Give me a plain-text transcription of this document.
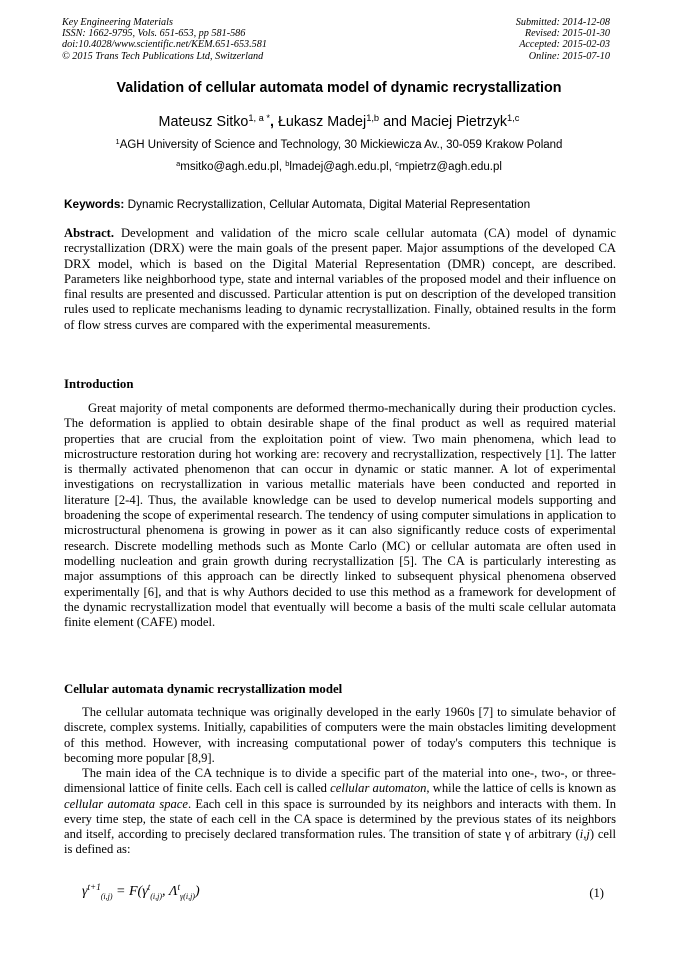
Key Engineering Materials
ISSN: 1662-9795, Vols. 651-653, pp 581-586
doi:10.4028/www.scientific.net/KEM.651-653.581
© 2015 Trans Tech Publications Ltd, Switzerland
Submitted: 2014-12-08
Revised: 2015-01-30
Accepted: 2015-02-03
Online: 2015-07-10
Validation of cellular automata model of dynamic recrystallization
Mateusz Sitko$^{1, a *}$, Łukasz Madej$^{1,b}$ and Maciej Pietrzyk$^{1,c}$
$^1$AGH University of Science and Technology, 30 Mickiewicza Av., 30-059 Krakow Poland
$^a$msitko@agh.edu.pl, $^b$lmadej@agh.edu.pl, $^c$mpietrz@agh.edu.pl
Keywords: Dynamic Recrystallization, Cellular Automata, Digital Material Representation
Abstract. Development and validation of the micro scale cellular automata (CA) model of dynamic recrystallization (DRX) were the main goals of the present paper. Major assumptions of the developed CA DRX model, which is based on the Digital Material Representation (DMR) concept, are described. Parameters like neighborhood type, state and internal variables of the proposed model and their influence on final results are presented and discussed. Particular attention is put on description of the developed transition rules used to replicate mechanisms leading to dynamic recrystallization. Finally, obtained results in the form of flow stress curves are compared with the experimental measurements.
Introduction
Great majority of metal components are deformed thermo-mechanically during their production cycles. The deformation is applied to obtain desirable shape of the final product as well as required material properties that are crucial from the exploitation point of view. Two main phenomena, which lead to microstructure restoration during hot working are: recovery and recrystallization, respectively [1]. The latter is thermally activated phenomenon that can occur in dynamic or static manner. A lot of experimental investigations on recrystallization in various metallic materials have been conducted and reported in literature [2-4]. Thus, the available knowledge can be used to develop numerical models supporting and broadening the scope of experimental research. The tendency of using computer simulations in application to microstructural phenomena is growing in power as it can also significantly reduce costs of experimental research. Discrete modelling methods such as Monte Carlo (MC) or cellular automata are often used in modelling nucleation and grain growth during recrystallization [5]. The CA is particularly interesting as major assumptions of this approach can be directly linked to subsequent physical phenomena observed experimentally [6], and that is why Authors decided to use this method as a framework for development of the dynamic recrystallization model that eventually will become a basis of the multi scale cellular automata finite element (CAFE) model.
Cellular automata dynamic recrystallization model
The cellular automata technique was originally developed in the early 1960s [7] to simulate behavior of discrete, complex systems. Initially, capabilities of computers were the main obstacles limiting development of this method. However, with increasing computational power of today's computers this technique is becoming more popular [8,9].
The main idea of the CA technique is to divide a specific part of the material into one-, two-, or three-dimensional lattice of finite cells. Each cell is called cellular automaton, while the lattice of cells is known as cellular automata space. Each cell in this space is surrounded by its neighbors and interacts with them. In every time step, the state of each cell in the CA space is determined by the previous states of its neighbors and itself, according to precisely declared transformation rules. The transition of state γ of arbitrary (i,j) cell is defined as:
$\gamma^{t+1}_{(i,j)} = F(\gamma^t_{(i,j)}$, $\Lambda^t_{\gamma(i,j)}$)	(1)
